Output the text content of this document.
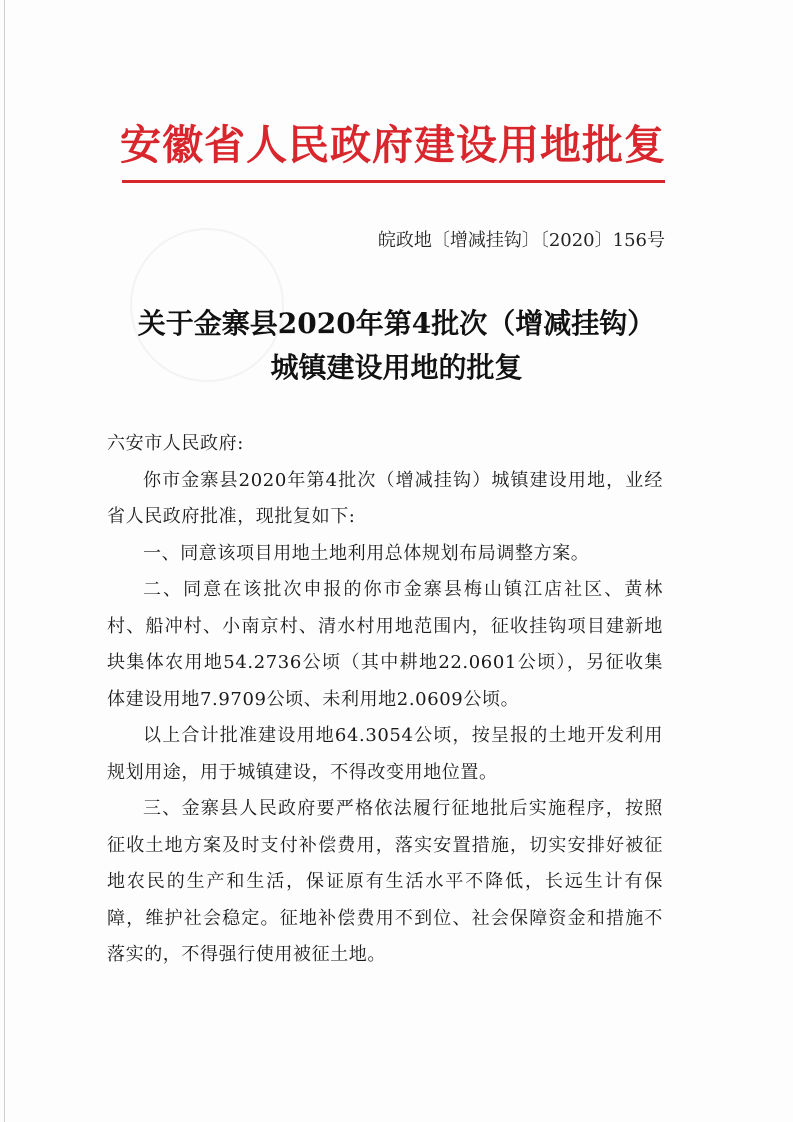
安徽省人民政府建设用地批复
皖政地〔增减挂钩〕〔2020〕156号
关于金寨县2020年第4批次（增减挂钩）
城镇建设用地的批复

六安市人民政府:

你市金寨县2020年第4批次（增减挂钩）城镇建设用地，业经省人民政府批准，现批复如下:

一、同意该项目用地土地利用总体规划布局调整方案。

二、同意在该批次申报的你市金寨县梅山镇江店社区、黄林村、船冲村、小南京村、清水村用地范围内，征收挂钩项目建新地块集体农用地54.2736公顷（其中耕地22.0601公顷），另征收集体建设用地7.9709公顷、未利用地2.0609公顷。

以上合计批准建设用地64.3054公顷，按呈报的土地开发利用规划用途，用于城镇建设，不得改变用地位置。

三、金寨县人民政府要严格依法履行征地批后实施程序，按照征收土地方案及时支付补偿费用，落实安置措施，切实安排好被征地农民的生产和生活，保证原有生活水平不降低，长远生计有保障，维护社会稳定。征地补偿费用不到位、社会保障资金和措施不落实的，不得强行使用被征土地。
